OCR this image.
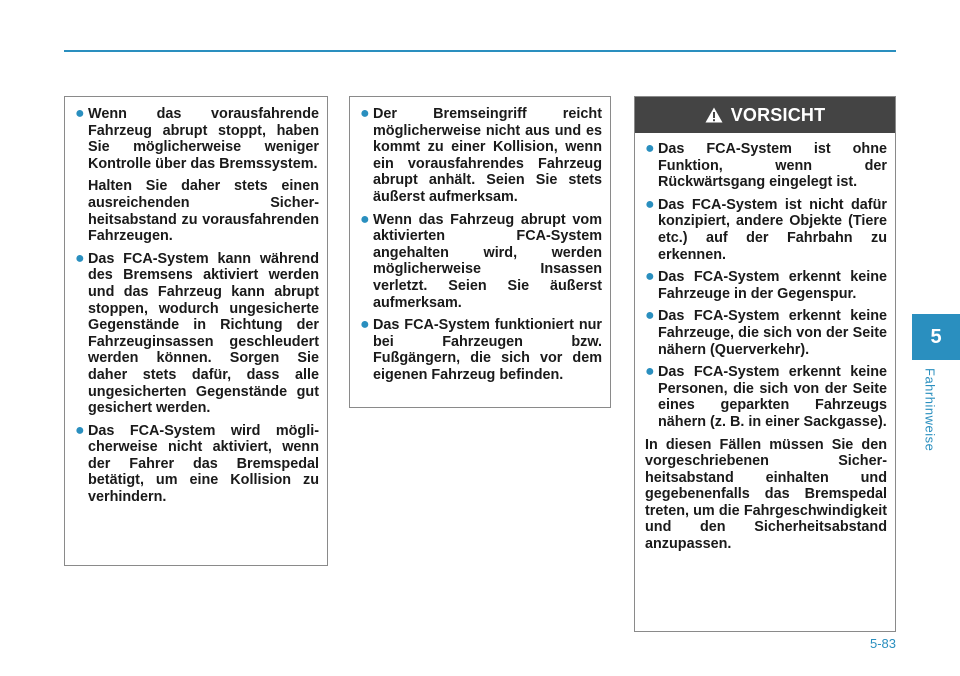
● Wenn das vorausfahrende Fahrzeug abrupt stoppt, haben Sie möglicherweise weniger Kontrolle über das Bremssystem.
Halten Sie daher stets einen ausreichenden Sicherheitsabstand zu vorausfahrenden Fahrzeugen.
● Das FCA-System kann während des Bremsens aktiviert werden und das Fahrzeug kann abrupt stoppen, wodurch ungesicherte Gegenstände in Richtung der Fahrzeuginsassen geschleudert werden können. Sorgen Sie daher stets dafür, dass alle ungesicherten Gegenstände gut gesichert werden.
● Das FCA-System wird möglicherweise nicht aktiviert, wenn der Fahrer das Bremspedal betätigt, um eine Kollision zu verhindern.
● Der Bremseingriff reicht möglicherweise nicht aus und es kommt zu einer Kollision, wenn ein vorausfahrendes Fahrzeug abrupt anhält. Seien Sie stets äußerst aufmerksam.
● Wenn das Fahrzeug abrupt vom aktivierten FCA-System angehalten wird, werden möglicherweise Insassen verletzt. Seien Sie äußerst aufmerksam.
● Das FCA-System funktioniert nur bei Fahrzeugen bzw. Fußgängern, die sich vor dem eigenen Fahrzeug befinden.
VORSICHT
● Das FCA-System ist ohne Funktion, wenn der Rückwärtsgang eingelegt ist.
● Das FCA-System ist nicht dafür konzipiert, andere Objekte (Tiere etc.) auf der Fahrbahn zu erkennen.
● Das FCA-System erkennt keine Fahrzeuge in der Gegenspur.
● Das FCA-System erkennt keine Fahrzeuge, die sich von der Seite nähern (Querverkehr).
● Das FCA-System erkennt keine Personen, die sich von der Seite eines geparkten Fahrzeugs nähern (z. B. in einer Sackgasse).

In diesen Fällen müssen Sie den vorgeschriebenen Sicherheitsabstand einhalten und gegebenenfalls das Bremspedal treten, um die Fahrgeschwindigkeit und den Sicherheitsabstand anzupassen.

5
Fahrhinweise
5-83
